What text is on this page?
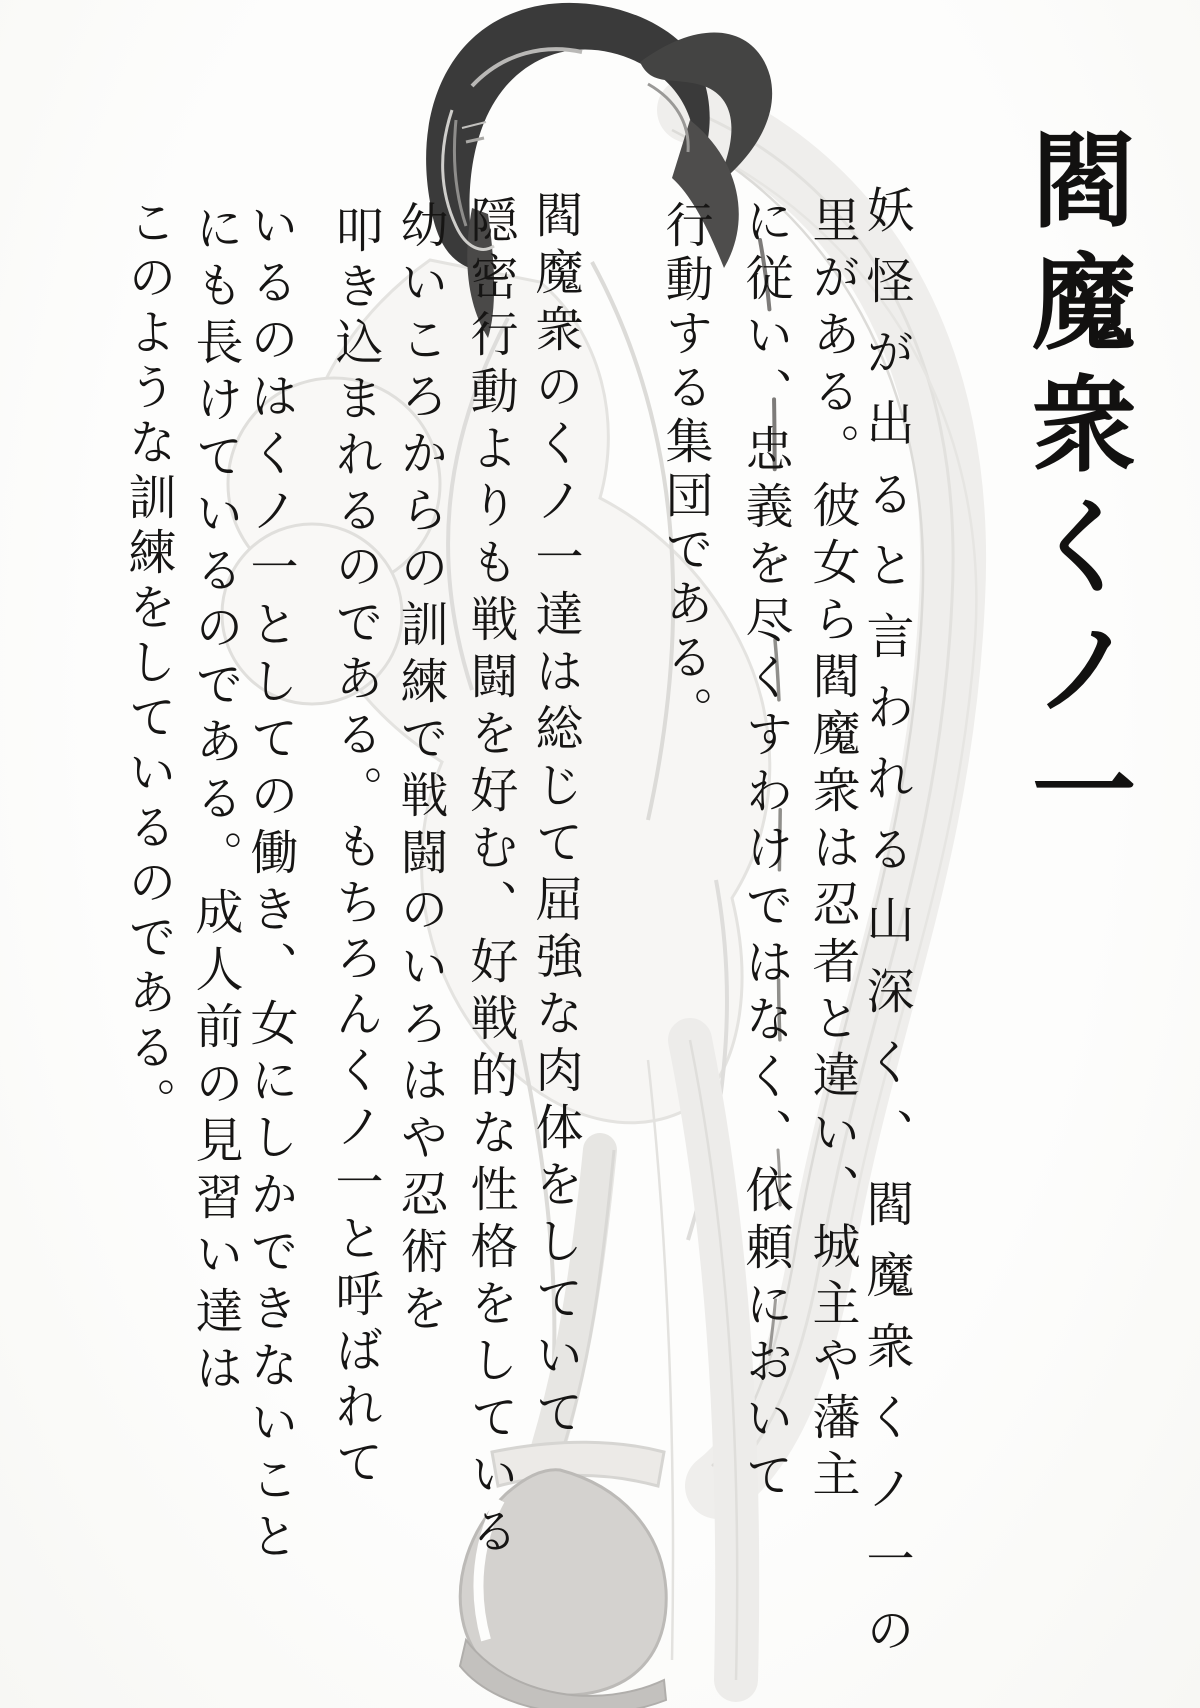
閻魔衆くノ一
妖怪が出ると言われる山深く、閻魔衆くノ一の
里がある。彼女ら閻魔衆は忍者と違い、城主や藩主
に従い、忠義を尽くすわけではなく、依頼において
行動する集団である。
閻魔衆のくノ一達は総じて屈強な肉体をしていて
隠密行動よりも戦闘を好む、好戦的な性格をしている
幼いころからの訓練で戦闘のいろはや忍術を
叩き込まれるのである。もちろんくノ一と呼ばれて
いるのはくノ一としての働き、女にしかできないこと
にも長けているのである。成人前の見習い達は
このような訓練をしているのである。
